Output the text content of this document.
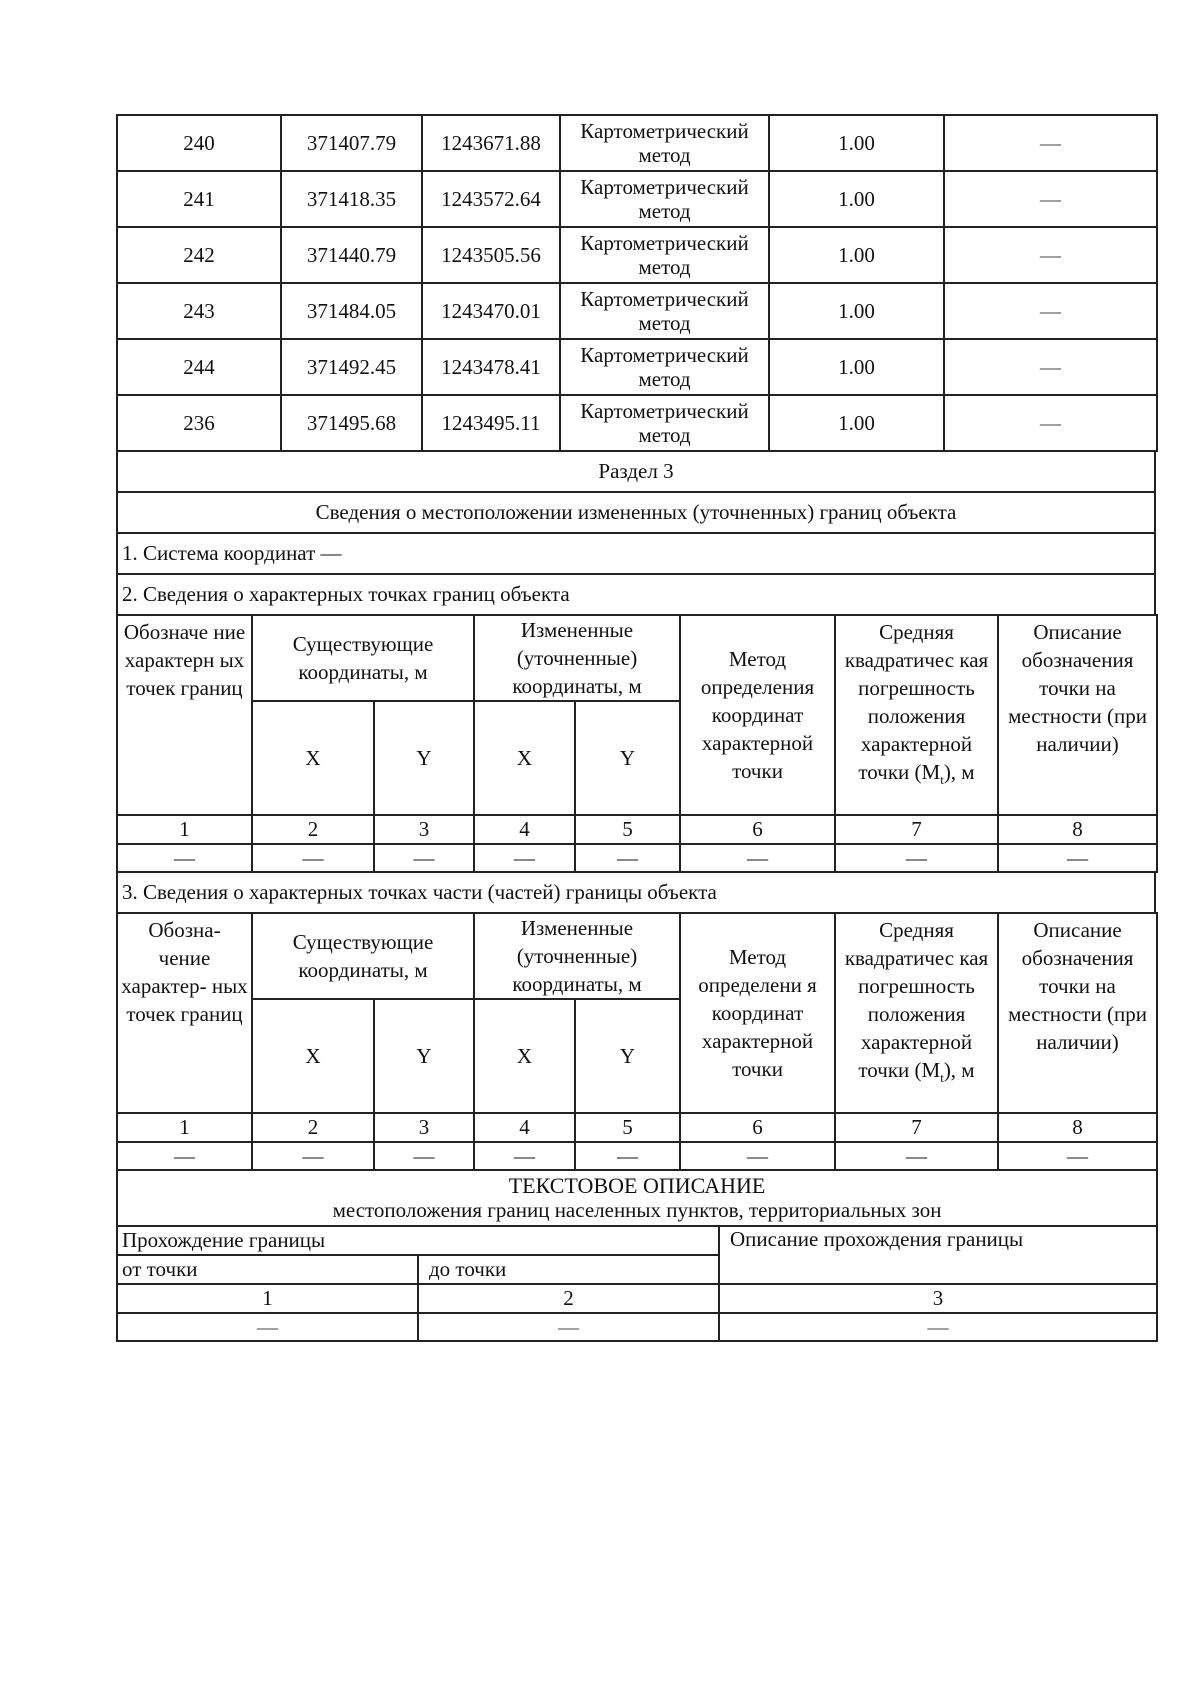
240	371407.79	1243671.88	Картометрический метод	1.00	—
241	371418.35	1243572.64	Картометрический метод	1.00	—
242	371440.79	1243505.56	Картометрический метод	1.00	—
243	371484.05	1243470.01	Картометрический метод	1.00	—
244	371492.45	1243478.41	Картометрический метод	1.00	—
236	371495.68	1243495.11	Картометрический метод	1.00	—
Раздел 3
Сведения о местоположении измененных (уточненных) границ объекта
1. Система координат —
2. Сведения о характерных точках границ объекта
Обозначе ние характерн ых точек границ	Существующие координаты, м		Измененные (уточненные) координаты, м		Метод определения координат характерной точки	Средняя квадратичес кая погрешность положения характерной точки $(M_t)$, м	Описание обозначения точки на местности (при наличии)
	X	Y	X	Y			
1	2	3	4	5	6	7	8
—	—	—	—	—	—	—	—
3. Сведения о характерных точках части (частей) границы объекта
Обозна- чение характер- ных точек границ	Существующие координаты, м		Измененные (уточненные) координаты, м		Метод определени я координат характерной точки	Средняя квадратичес кая погрешность положения характерной точки $(M_t)$, м	Описание обозначения точки на местности (при наличии)
	X	Y	X	Y			
1	2	3	4	5	6	7	8
—	—	—	—	—	—	—	—
ТЕКСТОВОЕ ОПИСАНИЕ
местоположения границ населенных пунктов, территориальных зон		

Прохождение границы		Описание прохождения границы
от точки	до точки	
1	2	3
—	—	—
